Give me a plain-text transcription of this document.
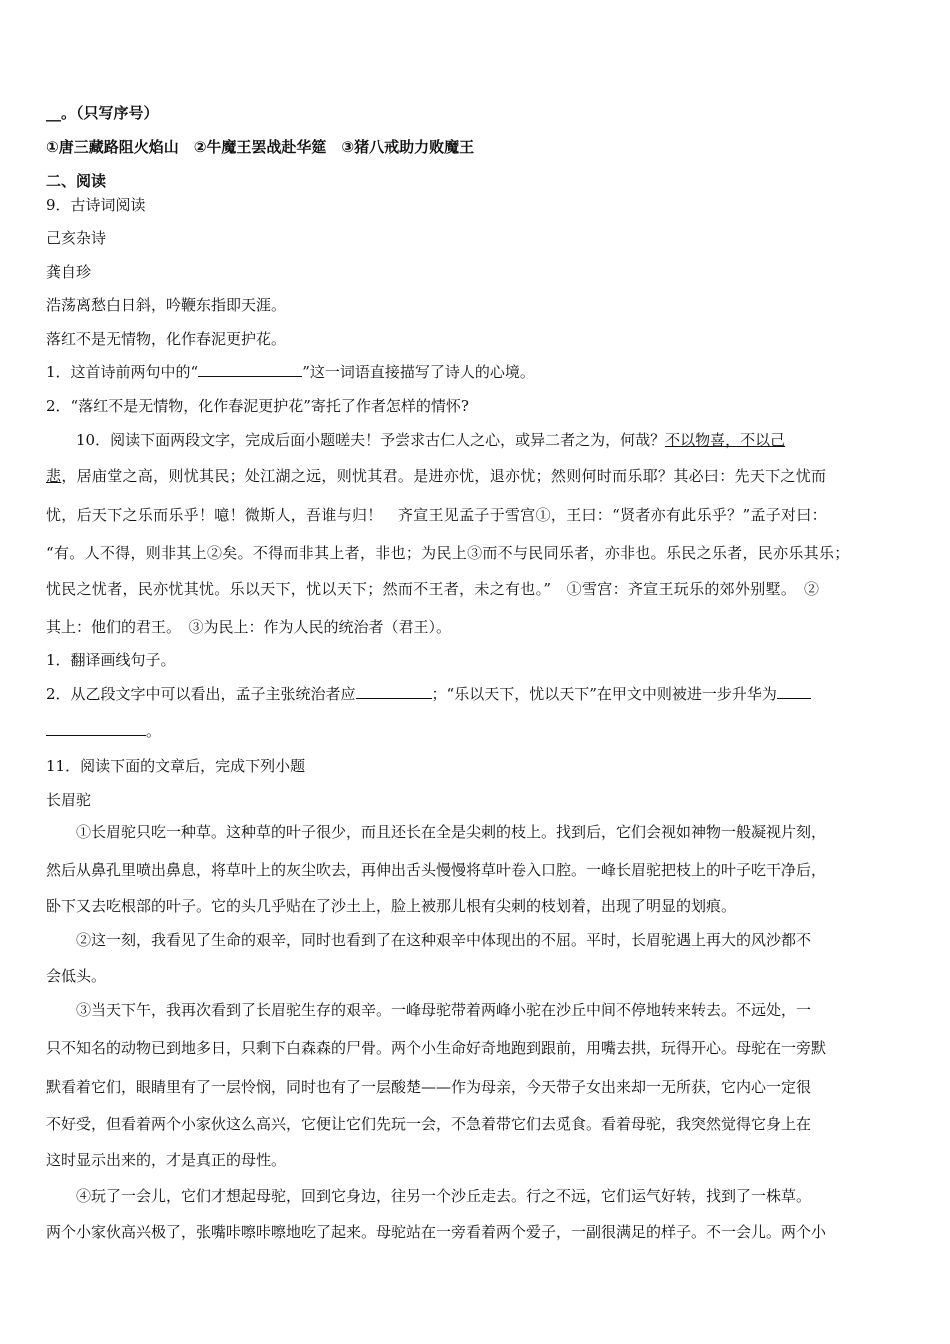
__。（只写序号）
①唐三藏路阻火焰山　②牛魔王罢战赴华筵　③猪八戒助力败魔王
二、阅读
9．古诗词阅读
己亥杂诗
龚自珍
浩荡离愁白日斜，吟鞭东指即天涯。
落红不是无情物，化作春泥更护花。
1．这首诗前两句中的“	”这一词语直接描写了诗人的心境。
2．“落红不是无情物，化作春泥更护花”寄托了作者怎样的情怀?
10．阅读下面两段文字，完成后面小题嗟夫！予尝求古仁人之心，或异二者之为，何哉？不以物喜，不以己
悲，居庙堂之高，则忧其民；处江湖之远，则忧其君。是进亦忧，退亦忧；然则何时而乐耶？其必曰：先天下之忧而
忧，后天下之乐而乐乎！噫！微斯人，吾谁与归！　齐宣王见孟子于雪宫①，王曰：“贤者亦有此乐乎？”孟子对曰：
“有。人不得，则非其上②矣。不得而非其上者，非也；为民上③而不与民同乐者，亦非也。乐民之乐者，民亦乐其乐；
忧民之忧者，民亦忧其忧。乐以天下，忧以天下；然而不王者，未之有也。”　①雪宫：齐宣王玩乐的郊外别墅。　②
其上：他们的君王。　③为民上：作为人民的统治者（君王）。
1．翻译画线句子。
2．从乙段文字中可以看出，孟子主张统治者应	；“乐以天下，忧以天下”在甲文中则被进一步升华为
。
11．阅读下面的文章后，完成下列小题
长眉驼
①长眉驼只吃一种草。这种草的叶子很少，而且还长在全是尖刺的枝上。找到后，它们会视如神物一般凝视片刻，
然后从鼻孔里喷出鼻息，将草叶上的灰尘吹去，再伸出舌头慢慢将草叶卷入口腔。一峰长眉驼把枝上的叶子吃干净后，
卧下又去吃根部的叶子。它的头几乎贴在了沙土上，脸上被那儿根有尖刺的枝划着，出现了明显的划痕。
②这一刻，我看见了生命的艰辛，同时也看到了在这种艰辛中体现出的不屈。平时，长眉驼遇上再大的风沙都不
会低头。
③当天下午，我再次看到了长眉驼生存的艰辛。一峰母驼带着两峰小驼在沙丘中间不停地转来转去。不远处，一
只不知名的动物已到地多日，只剩下白森森的尸骨。两个小生命好奇地跑到跟前，用嘴去拱，玩得开心。母驼在一旁默
默看着它们，眼睛里有了一层怜悯，同时也有了一层酸楚——作为母亲，今天带子女出来却一无所获，它内心一定很
不好受，但看着两个小家伙这么高兴，它便让它们先玩一会，不急着带它们去觅食。看着母驼，我突然觉得它身上在
这时显示出来的，才是真正的母性。
④玩了一会儿，它们才想起母驼，回到它身边，往另一个沙丘走去。行之不远，它们运气好转，找到了一株草。
两个小家伙高兴极了，张嘴咔嚓咔嚓地吃了起来。母驼站在一旁看着两个爱子，一副很满足的样子。不一会儿。两个小
